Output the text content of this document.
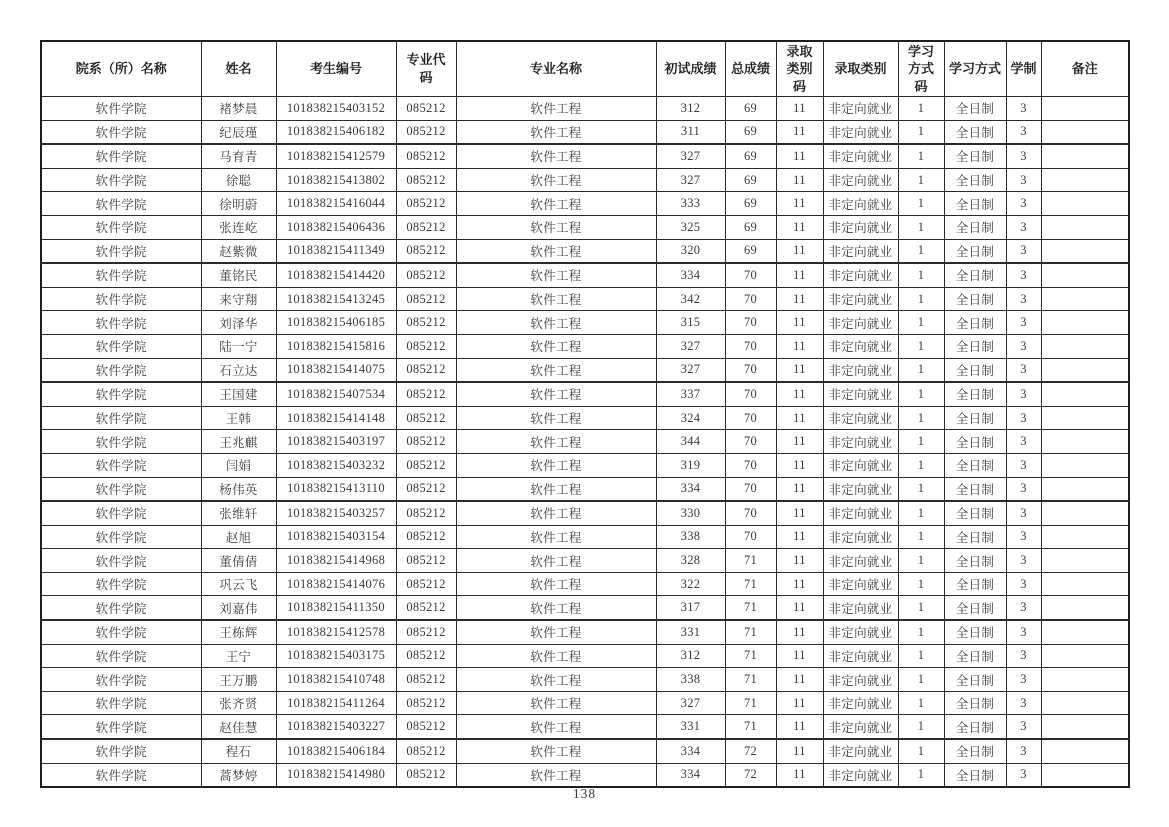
院系（所）名称	姓名	考生编号	专业代码	专业名称	初试成绩	总成绩	录取类别码	录取类别	学习方式码	学习方式	学制	备注
软件学院	褚梦晨	101838215403152	085212	软件工程	312	69	11	非定向就业	1	全日制	3	
软件学院	纪辰瑾	101838215406182	085212	软件工程	311	69	11	非定向就业	1	全日制	3	
软件学院	马育青	101838215412579	085212	软件工程	327	69	11	非定向就业	1	全日制	3	
软件学院	徐聪	101838215413802	085212	软件工程	327	69	11	非定向就业	1	全日制	3	
软件学院	徐明蔚	101838215416044	085212	软件工程	333	69	11	非定向就业	1	全日制	3	
软件学院	张连屹	101838215406436	085212	软件工程	325	69	11	非定向就业	1	全日制	3	
软件学院	赵紫微	101838215411349	085212	软件工程	320	69	11	非定向就业	1	全日制	3	
软件学院	董铭民	101838215414420	085212	软件工程	334	70	11	非定向就业	1	全日制	3	
软件学院	来守翔	101838215413245	085212	软件工程	342	70	11	非定向就业	1	全日制	3	
软件学院	刘泽华	101838215406185	085212	软件工程	315	70	11	非定向就业	1	全日制	3	
软件学院	陆一宁	101838215415816	085212	软件工程	327	70	11	非定向就业	1	全日制	3	
软件学院	石立达	101838215414075	085212	软件工程	327	70	11	非定向就业	1	全日制	3	
软件学院	王国建	101838215407534	085212	软件工程	337	70	11	非定向就业	1	全日制	3	
软件学院	王韩	101838215414148	085212	软件工程	324	70	11	非定向就业	1	全日制	3	
软件学院	王兆麒	101838215403197	085212	软件工程	344	70	11	非定向就业	1	全日制	3	
软件学院	闫娟	101838215403232	085212	软件工程	319	70	11	非定向就业	1	全日制	3	
软件学院	杨伟英	101838215413110	085212	软件工程	334	70	11	非定向就业	1	全日制	3	
软件学院	张维轩	101838215403257	085212	软件工程	330	70	11	非定向就业	1	全日制	3	
软件学院	赵旭	101838215403154	085212	软件工程	338	70	11	非定向就业	1	全日制	3	
软件学院	董倩倩	101838215414968	085212	软件工程	328	71	11	非定向就业	1	全日制	3	
软件学院	巩云飞	101838215414076	085212	软件工程	322	71	11	非定向就业	1	全日制	3	
软件学院	刘嘉伟	101838215411350	085212	软件工程	317	71	11	非定向就业	1	全日制	3	
软件学院	王栋辉	101838215412578	085212	软件工程	331	71	11	非定向就业	1	全日制	3	
软件学院	王宁	101838215403175	085212	软件工程	312	71	11	非定向就业	1	全日制	3	
软件学院	王万鹏	101838215410748	085212	软件工程	338	71	11	非定向就业	1	全日制	3	
软件学院	张齐贤	101838215411264	085212	软件工程	327	71	11	非定向就业	1	全日制	3	
软件学院	赵佳慧	101838215403227	085212	软件工程	331	71	11	非定向就业	1	全日制	3	
软件学院	程石	101838215406184	085212	软件工程	334	72	11	非定向就业	1	全日制	3	
软件学院	蒿梦婷	101838215414980	085212	软件工程	334	72	11	非定向就业	1	全日制	3	
138
